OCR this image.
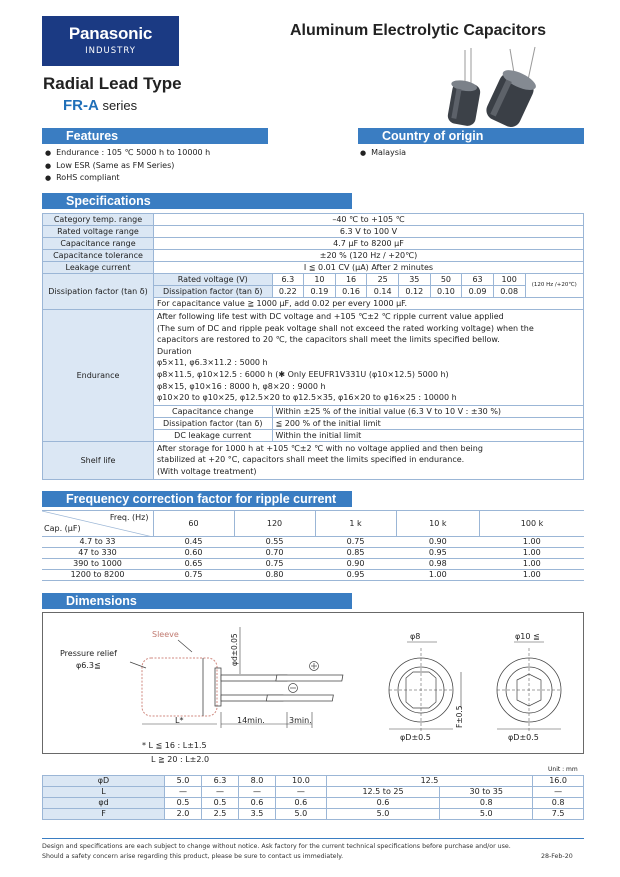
Panasonic
INDUSTRY
Aluminum Electrolytic Capacitors
Radial Lead Type
FR-A series
Features
● Endurance : 105 ℃ 5000 h to 10000 h
● Low ESR (Same as FM Series)
● RoHS compliant
Country of origin
● Malaysia
Specifications
Category temp. range	–40 ℃ to +105 ℃
Rated voltage range	6.3 V to 100 V
Capacitance range	4.7 µF to 8200 µF
Capacitance tolerance	±20 % (120 Hz / +20℃)
Leakage current	I ≦ 0.01 CV (µA) After 2 minutes
Dissipation factor (tan δ)	
Rated voltage (V)	6.3	10	16	25	35	50	63	100	(120 Hz /+20℃)
Dissipation factor (tan δ)	0.22	0.19	0.16	0.14	0.12	0.10	0.09	0.08
For capacitance value ≧ 1000 µF, add 0.02 per every 1000 µF.

Endurance	
After following life test with DC voltage and +105 ℃±2 ℃ ripple current value applied
(The sum of DC and ripple peak voltage shall not exceed the rated working voltage) when the
capacitors are restored to 20 ℃, the capacitors shall meet the limits specified bellow.
Duration
φ5×11, φ6.3×11.2 : 5000 h
φ8×11.5, φ10×12.5 : 6000 h (✱ Only EEUFR1V331U (φ10×12.5) 5000 h)
φ8×15, φ10×16 : 8000 h, φ8×20 : 9000 h
φ10×20 to φ10×25, φ12.5×20 to φ12.5×35, φ16×20 to φ16×25 : 10000 h
Capacitance change	Within ±25 % of the initial value (6.3 V to 10 V : ±30 %)
Dissipation factor (tan δ)	≦ 200 % of the initial limit
DC leakage current	Within the initial limit

Shelf life	
After storage for 1000 h at +105 ℃±2 ℃ with no voltage applied and then being
stabilized at +20 °C, capacitors shall meet the limits specified in endurance.
(With voltage treatment)
Frequency correction factor for ripple current
Freq. (Hz)
Cap. (µF)	60	120	1 k	10 k	100 k
4.7 to 33	0.45	0.55	0.75	0.90	1.00
47 to 330	0.60	0.70	0.85	0.95	1.00
390 to 1000	0.65	0.75	0.90	0.98	1.00
1200 to 8200	0.75	0.80	0.95	1.00	1.00
Dimensions
Sleeve
Pressure relief
φ6.3≦	φd±0.05
L*	14min.	3min.
* L ≦ 16 : L±1.5
L ≧ 20 : L±2.0
φ8	φ10 ≦
F±0.5
φD±0.5	φD±0.5
Unit : mm
φD	5.0	6.3	8.0	10.0	12.5		16.0
L	—	—	—	—	12.5 to 25	30 to 35	—
φd	0.5	0.5	0.6	0.6	0.6	0.8	0.8
F	2.0	2.5	3.5	5.0	5.0	5.0	7.5
Design and specifications are each subject to change without notice. Ask factory for the current technical specifications before purchase and/or use.
Should a safety concern arise regarding this product, please be sure to contact us immediately.	28-Feb-20
